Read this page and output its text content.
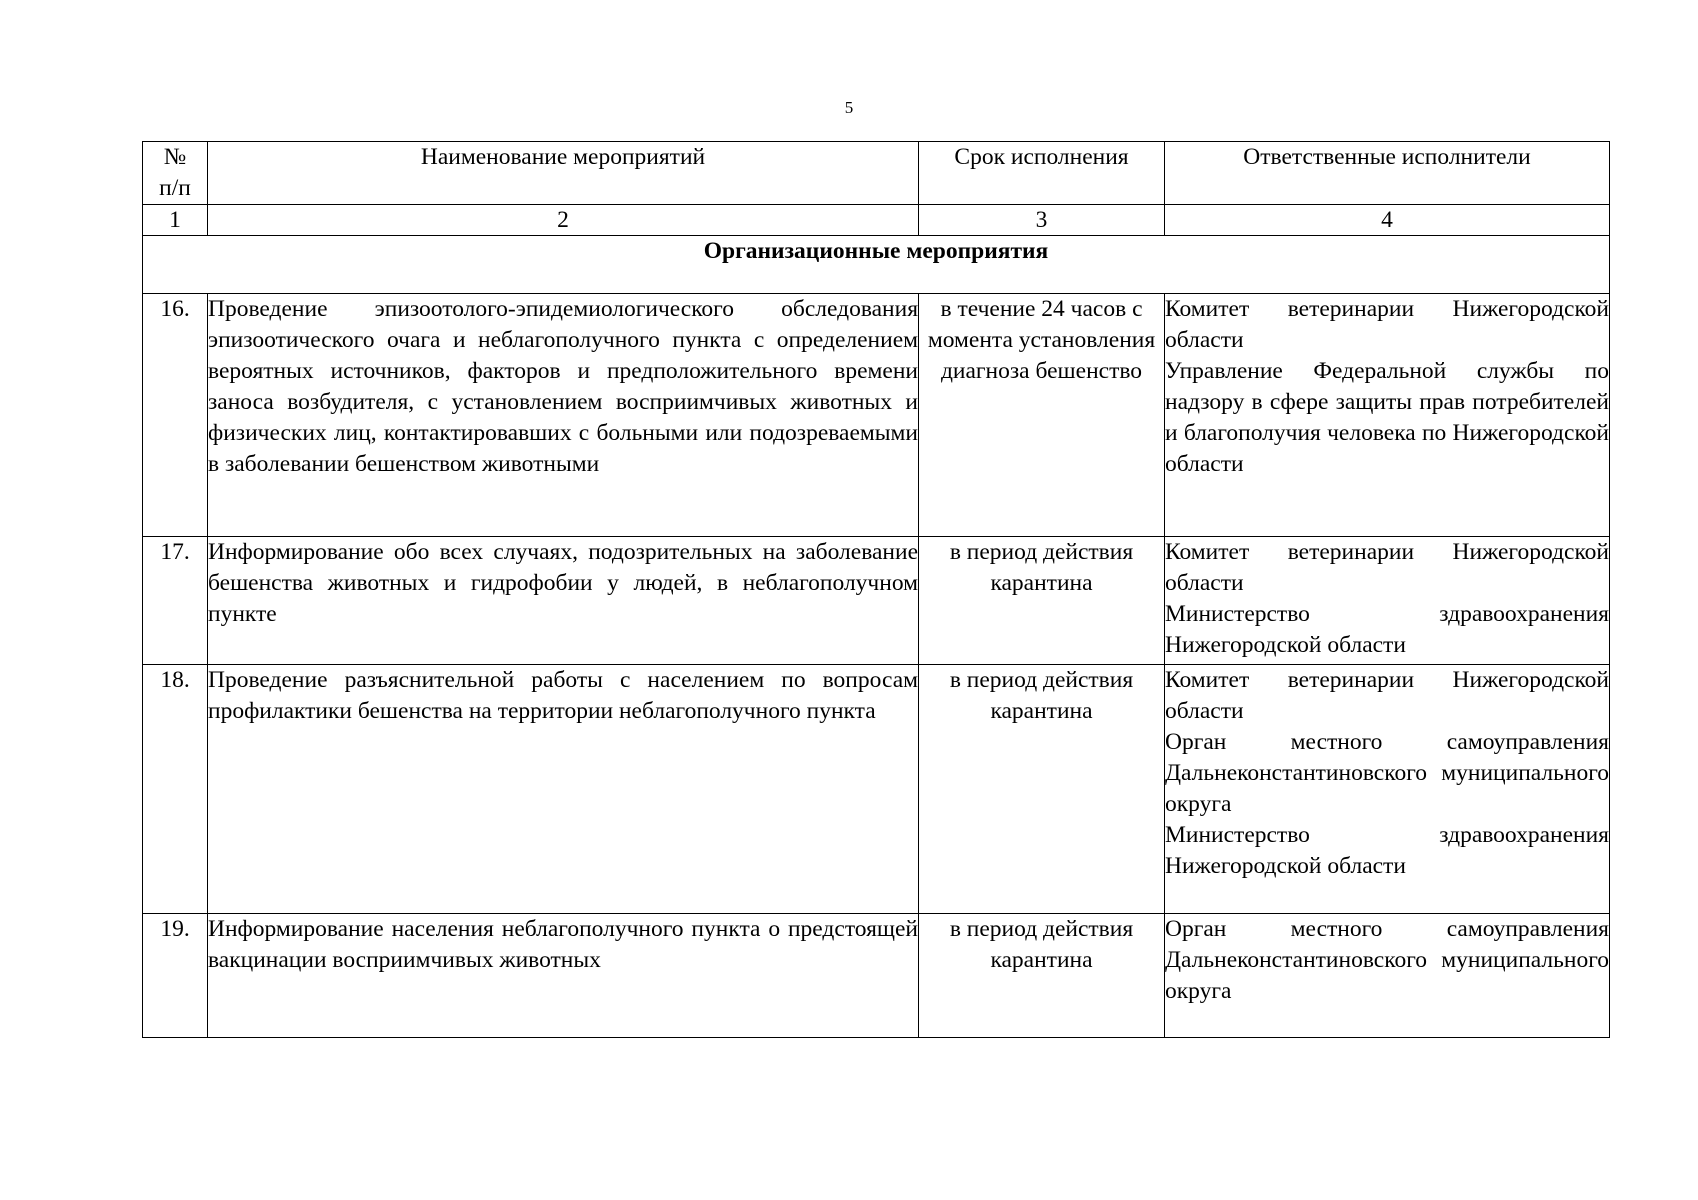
5
№
п/п	Наименование мероприятий	Срок исполнения	Ответственные исполнители
1	2	3	4
Организационные мероприятия			
16.	Проведение эпизоотолого-эпидемиологического обследования эпизоотического очага и неблагополучного пункта с определением вероятных источников, факторов и предположительного времени заноса возбудителя, с установлением восприимчивых животных и физических лиц, контактировавших с больными или подозреваемыми в заболевании бешенством животными	в течение 24 часов с момента установления диагноза бешенство	Комитет ветеринарии Нижегородской области
Управление Федеральной службы по надзору в сфере защиты прав потребителей и благополучия человека по Нижегородской области

17.	Информирование обо всех случаях, подозрительных на заболевание бешенства животных и гидрофобии у людей, в неблагополучном пункте	в период действия карантина	Комитет ветеринарии Нижегородской области
Министерство здравоохранения Нижегородской области

18.	Проведение разъяснительной работы с населением по вопросам профилактики бешенства на территории неблагополучного пункта	в период действия карантина	Комитет ветеринарии Нижегородской области
Орган местного самоуправления Дальнеконстантиновского муниципального округа
Министерство здравоохранения Нижегородской области

19.	Информирование населения неблагополучного пункта о предстоящей вакцинации восприимчивых животных	в период действия карантина	Орган местного самоуправления Дальнеконстантиновского муниципального округа
